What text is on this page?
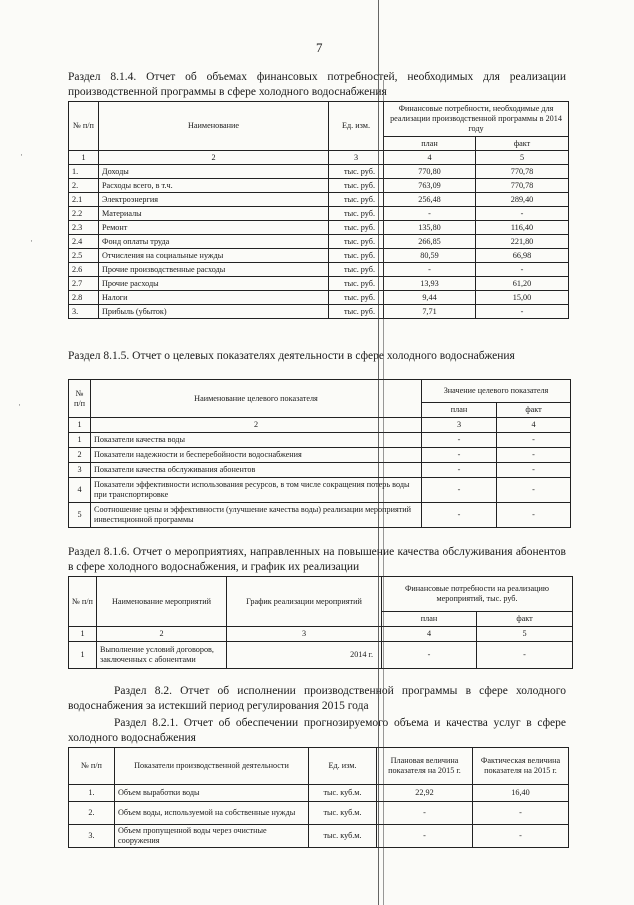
7
Раздел 8.1.4. Отчет об объемах финансовых потребностей, необходимых для реализации производственной программы в сфере холодного водоснабжения
№ п/п	Наименование	Ед. изм.	Финансовые потребности, необходимые для реализации производственной программы в 2014 году	
			план	факт
1	2	3	4	5
1.	Доходы	тыс. руб.	770,80	770,78
2.	Расходы всего, в т.ч.	тыс. руб.	763,09	770,78
2.1	Электроэнергия	тыс. руб.	256,48	289,40
2.2	Материалы	тыс. руб.	-	-
2.3	Ремонт	тыс. руб.	135,80	116,40
2.4	Фонд оплаты труда	тыс. руб.	266,85	221,80
2.5	Отчисления на социальные нужды	тыс. руб.	80,59	66,98
2.6	Прочие производственные расходы	тыс. руб.	-	-
2.7	Прочие расходы	тыс. руб.	13,93	61,20
2.8	Налоги	тыс. руб.	9,44	15,00
3.	Прибыль (убыток)	тыс. руб.	7,71	-
Раздел 8.1.5. Отчет о целевых показателях деятельности в сфере холодного водоснабжения
№ п/п	Наименование целевого показателя	Значение целевого показателя	
		план	факт
1	2	3	4
1	Показатели качества воды	-	-
2	Показатели надежности и бесперебойности водоснабжения	-	-
3	Показатели качества обслуживания абонентов	-	-
4	Показатели эффективности использования ресурсов, в том числе сокращения потерь воды при транспортировке	-	-
5	Соотношение цены и эффективности (улучшение качества воды) реализации мероприятий инвестиционной программы	-	-
Раздел 8.1.6. Отчет о мероприятиях, направленных на повышение качества обслуживания абонентов в сфере холодного водоснабжения, и график их реализации
№ п/п	Наименование мероприятий	График реализации мероприятий	Финансовые потребности на реализацию мероприятий, тыс. руб.	
			план	факт
1	2	3	4	5
1	Выполнение условий договоров, заключенных с абонентами	2014 г.	-	-
Раздел 8.2. Отчет об исполнении производственной программы в сфере холодного водоснабжения за истекший период регулирования 2015 года
Раздел 8.2.1. Отчет об обеспечении прогнозируемого объема и качества услуг в сфере холодного водоснабжения
№ п/п	Показатели производственной деятельности	Ед. изм.	Плановая величина показателя на 2015 г.	Фактическая величина показателя на 2015 г.
1.	Объем выработки воды	тыс. куб.м.	22,92	16,40
2.	Объем воды, используемой на собственные нужды	тыс. куб.м.	-	-
3.	Объем пропущенной воды через очистные сооружения	тыс. куб.м.	-	-
·
·
·
